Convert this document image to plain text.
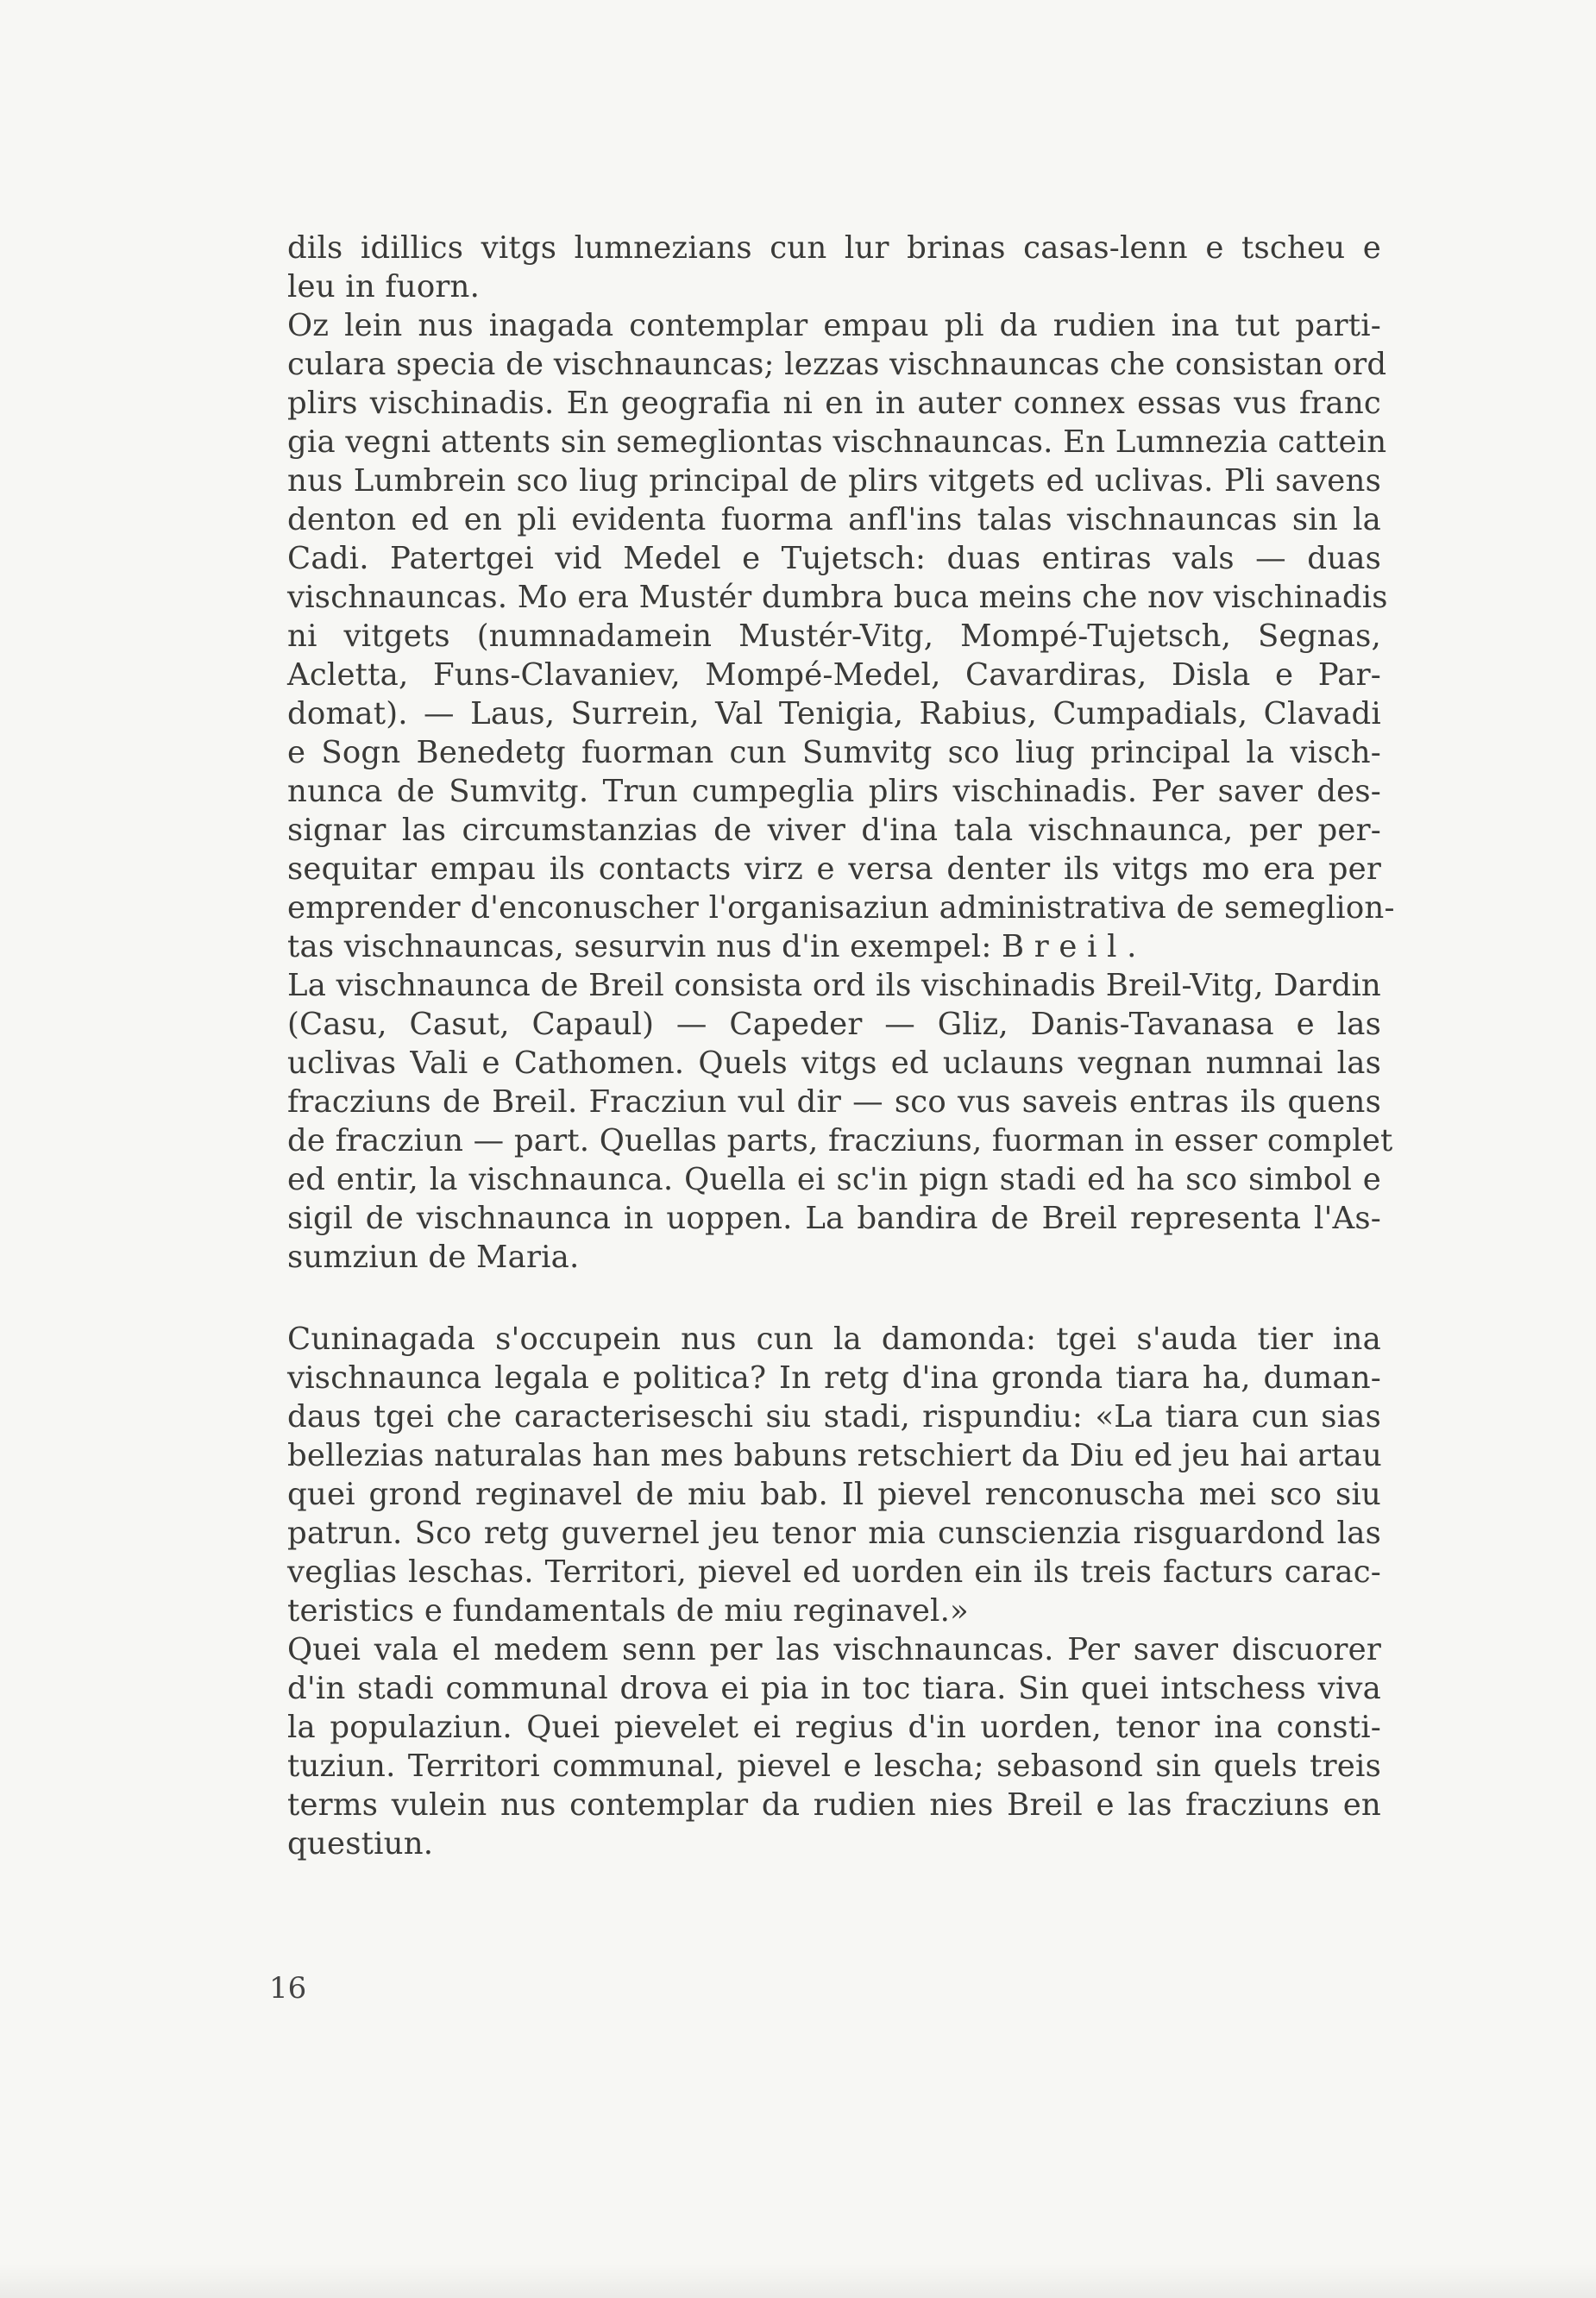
dils idillics vitgs lumnezians cun lur brinas casas-lenn e tscheu e
leu in fuorn.
Oz lein nus inagada contemplar empau pli da rudien ina tut parti-
culara specia de vischnauncas; lezzas vischnauncas che consistan ord
plirs vischinadis. En geografia ni en in auter connex essas vus franc
gia vegni attents sin semegliontas vischnauncas. En Lumnezia cattein
nus Lumbrein sco liug principal de plirs vitgets ed uclivas. Pli savens
denton ed en pli evidenta fuorma anfl'ins talas vischnauncas sin la
Cadi. Patertgei vid Medel e Tujetsch: duas entiras vals — duas
vischnauncas. Mo era Mustér dumbra buca meins che nov vischinadis
ni vitgets (numnadamein Mustér-Vitg, Mompé-Tujetsch, Segnas,
Acletta, Funs-Clavaniev, Mompé-Medel, Cavardiras, Disla e Par-
domat). — Laus, Surrein, Val Tenigia, Rabius, Cumpadials, Clavadi
e Sogn Benedetg fuorman cun Sumvitg sco liug principal la visch-
nunca de Sumvitg. Trun cumpeglia plirs vischinadis. Per saver des-
signar las circumstanzias de viver d'ina tala vischnaunca, per per-
sequitar empau ils contacts virz e versa denter ils vitgs mo era per
emprender d'enconuscher l'organisaziun administrativa de semeglion-
tas vischnauncas, sesurvin nus d'in exempel: B r e i l .
La vischnaunca de Breil consista ord ils vischinadis Breil-Vitg, Dardin
(Casu, Casut, Capaul) — Capeder — Gliz, Danis-Tavanasa e las
uclivas Vali e Cathomen. Quels vitgs ed uclauns vegnan numnai las
fracziuns de Breil. Fracziun vul dir — sco vus saveis entras ils quens
de fracziun — part. Quellas parts, fracziuns, fuorman in esser complet
ed entir, la vischnaunca. Quella ei sc'in pign stadi ed ha sco simbol e
sigil de vischnaunca in uoppen. La bandira de Breil representa l'As-
sumziun de Maria.
Cuninagada s'occupein nus cun la damonda: tgei s'auda tier ina
vischnaunca legala e politica? In retg d'ina gronda tiara ha, duman-
daus tgei che caracteriseschi siu stadi, rispundiu: «La tiara cun sias
bellezias naturalas han mes babuns retschiert da Diu ed jeu hai artau
quei grond reginavel de miu bab. Il pievel renconuscha mei sco siu
patrun. Sco retg guvernel jeu tenor mia cunscienzia risguardond las
veglias leschas. Territori, pievel ed uorden ein ils treis facturs carac-
teristics e fundamentals de miu reginavel.»
Quei vala el medem senn per las vischnauncas. Per saver discuorer
d'in stadi communal drova ei pia in toc tiara. Sin quei intschess viva
la populaziun. Quei pievelet ei regius d'in uorden, tenor ina consti-
tuziun. Territori communal, pievel e lescha; sebasond sin quels treis
terms vulein nus contemplar da rudien nies Breil e las fracziuns en
questiun.
16
